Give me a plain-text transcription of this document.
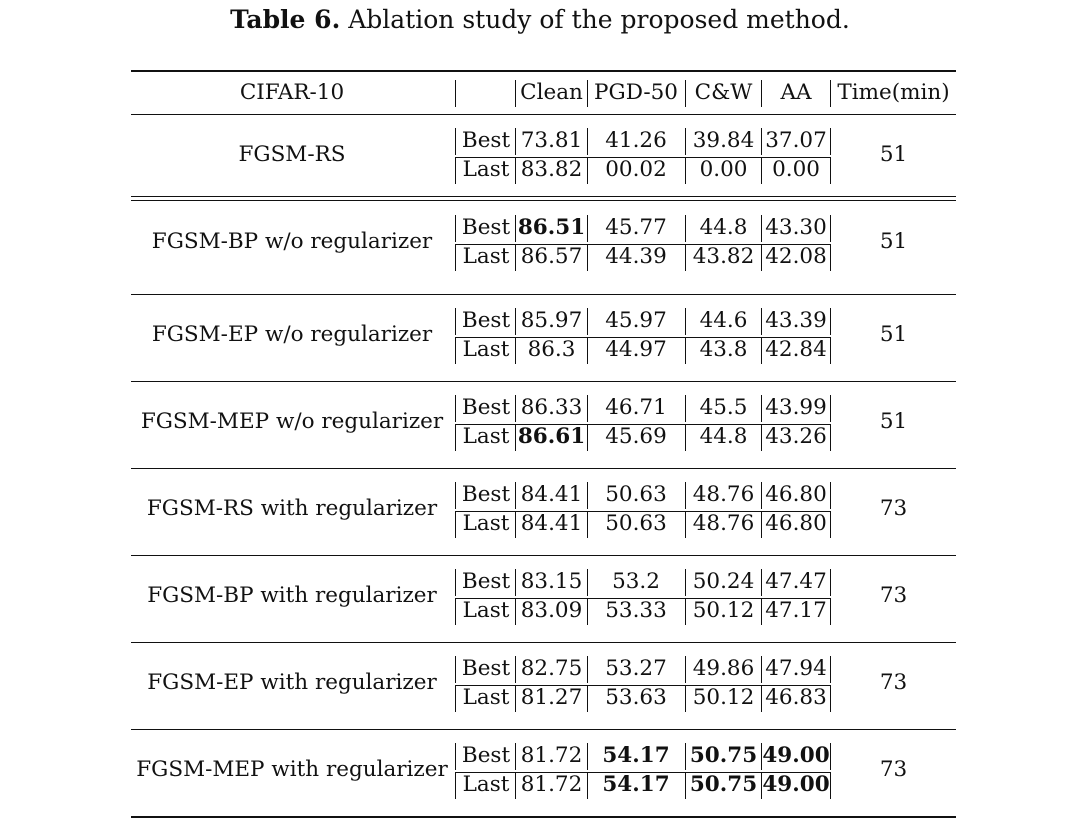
Table 6. Ablation study of the proposed method.
CIFAR-10	Clean PGD-50 C&W	AA	Time(min)
FGSM-RS	51
Best 73.81	41.26	39.84 37.07
Last 83.82	00.02	0.00	0.00
FGSM-BP w/o regularizer	51
Best 86.51 45.77	44.8 43.30
Last 86.57	44.39	43.82 42.08
FGSM-EP w/o regularizer	51
Best 85.97	45.97	44.6 43.39
Last 86.3	44.97	43.8 42.84
FGSM-MEP w/o regularizer	51
Best 86.33	46.71	45.5 43.99
Last 86.61 45.69	44.8 43.26
FGSM-RS with regularizer	73
Best 84.41	50.63	48.76 46.80
Last 84.41	50.63	48.76 46.80
FGSM-BP with regularizer	73
Best 83.15	53.2	50.24 47.47
Last 83.09	53.33	50.12 47.17
FGSM-EP with regularizer	73
Best 82.75	53.27	49.86 47.94
Last 81.27	53.63	50.12 46.83
FGSM-MEP with regularizer	73
Best 81.72 54.17 50.75 49.00
Last 81.72 54.17 50.75 49.00
